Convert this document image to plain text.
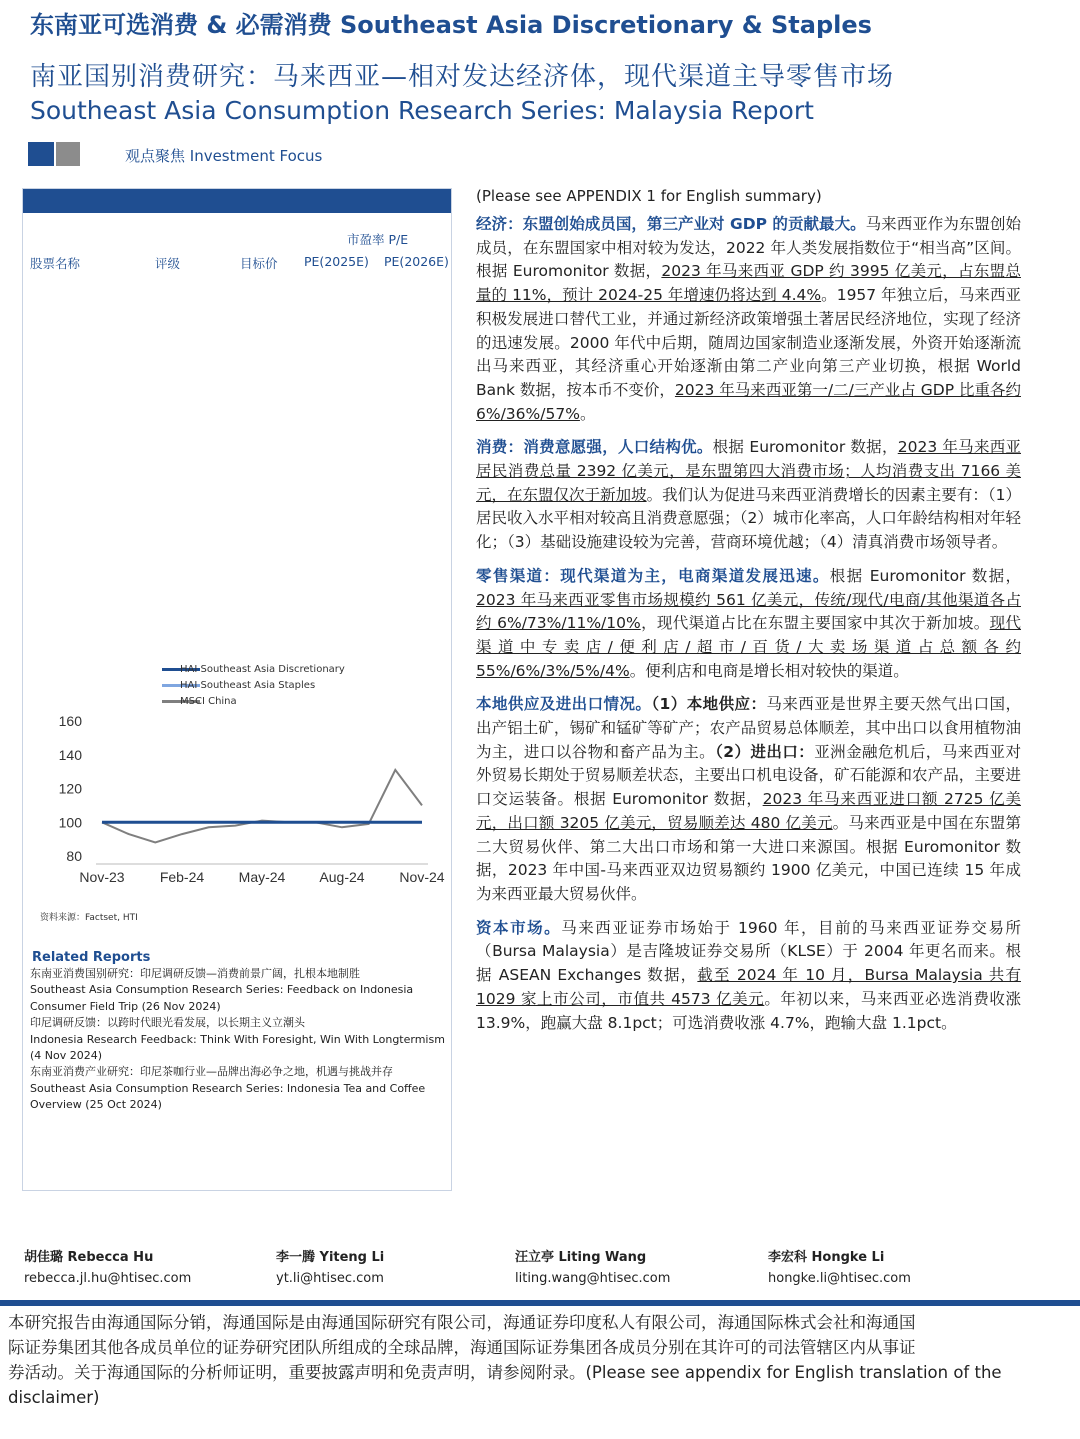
东南亚可选消费 & 必需消费 Southeast Asia Discretionary & Staples
南亚国别消费研究：马来西亚—相对发达经济体，现代渠道主导零售市场
Southeast Asia Consumption Research Series: Malaysia Report
观点聚焦 Investment Focus
市盈率 P/E
股票名称	评级	目标价 PE(2025E) PE(2026E)
HAI Southeast Asia Discretionary
HAI Southeast Asia Staples
MSCI China
80
100
120
140
160
Nov-23	Feb-24 May-24 Aug-24 Nov-24
资料来源：Factset, HTI
Related Reports
东南亚消费国别研究：印尼调研反馈—消费前景广阔，扎根本地制胜
Southeast Asia Consumption Research Series: Feedback on Indonesia Consumer Field Trip (26 Nov 2024)
印尼调研反馈：以跨时代眼光看发展，以长期主义立潮头
Indonesia Research Feedback: Think With Foresight, Win With Longtermism (4 Nov 2024)
东南亚消费产业研究：印尼茶咖行业—品牌出海必争之地，机遇与挑战并存
Southeast Asia Consumption Research Series: Indonesia Tea and Coffee Overview (25 Oct 2024)
(Please see APPENDIX 1 for English summary)

经济：东盟创始成员国，第三产业对 GDP 的贡献最大。马来西亚作为东盟创始成员，在东盟国家中相对较为发达，2022 年人类发展指数位于“相当高”区间。根据 Euromonitor 数据，2023 年马来西亚 GDP 约 3995 亿美元，占东盟总量的 11%，预计 2024-25 年增速仍将达到 4.4%。1957 年独立后，马来西亚积极发展进口替代工业，并通过新经济政策增强土著居民经济地位，实现了经济的迅速发展。2000 年代中后期，随周边国家制造业逐渐发展，外资开始逐渐流出马来西亚，其经济重心开始逐渐由第二产业向第三产业切换，根据 World Bank 数据，按本币不变价，2023 年马来西亚第一/二/三产业占 GDP 比重各约 6%/36%/57%。

消费：消费意愿强，人口结构优。根据 Euromonitor 数据，2023 年马来西亚居民消费总量 2392 亿美元，是东盟第四大消费市场；人均消费支出 7166 美元，在东盟仅次于新加坡。我们认为促进马来西亚消费增长的因素主要有：（1）居民收入水平相对较高且消费意愿强；（2）城市化率高，人口年龄结构相对年轻化；（3）基础设施建设较为完善，营商环境优越；（4）清真消费市场领导者。

零售渠道：现代渠道为主，电商渠道发展迅速。根据 Euromonitor 数据，2023 年马来西亚零售市场规模约 561 亿美元，传统/现代/电商/其他渠道各占约 6%/73%/11%/10%，现代渠道占比在东盟主要国家中其次于新加坡。现代渠道中专卖店/便利店/超市/百货/大卖场渠道占总额各约 55%/6%/3%/5%/4%。便利店和电商是增长相对较快的渠道。

本地供应及进出口情况。（1）本地供应：马来西亚是世界主要天然气出口国，出产铝土矿，锡矿和锰矿等矿产；农产品贸易总体顺差，其中出口以食用植物油为主，进口以谷物和畜产品为主。（2）进出口：亚洲金融危机后，马来西亚对外贸易长期处于贸易顺差状态，主要出口机电设备，矿石能源和农产品，主要进口交运装备。根据 Euromonitor 数据，2023 年马来西亚进口额 2725 亿美元，出口额 3205 亿美元，贸易顺差达 480 亿美元。马来西亚是中国在东盟第二大贸易伙伴、第二大出口市场和第一大进口来源国。根据 Euromonitor 数据，2023 年中国-马来西亚双边贸易额约 1900 亿美元，中国已连续 15 年成为来西亚最大贸易伙伴。

资本市场。马来西亚证券市场始于 1960 年，目前的马来西亚证券交易所（Bursa Malaysia）是吉隆坡证券交易所（KLSE）于 2004 年更名而来。根据 ASEAN Exchanges 数据，截至 2024 年 10 月，Bursa Malaysia 共有 1029 家上市公司，市值共 4573 亿美元。年初以来，马来西亚必选消费收涨 13.9%，跑赢大盘 8.1pct；可选消费收涨 4.7%，跑输大盘 1.1pct。

胡佳璐 Rebecca Hu
rebecca.jl.hu@htisec.com
李一腾 Yiteng Li
yt.li@htisec.com
汪立亭 Liting Wang
liting.wang@htisec.com
李宏科 Hongke Li
hongke.li@htisec.com
本研究报告由海通国际分销，海通国际是由海通国际研究有限公司，海通证券印度私人有限公司，海通国际株式会社和海通国
际证券集团其他各成员单位的证券研究团队所组成的全球品牌，海通国际证券集团各成员分别在其许可的司法管辖区内从事证
券活动。关于海通国际的分析师证明，重要披露声明和免责声明，请参阅附录。(Please see appendix for English translation of the
disclaimer)
